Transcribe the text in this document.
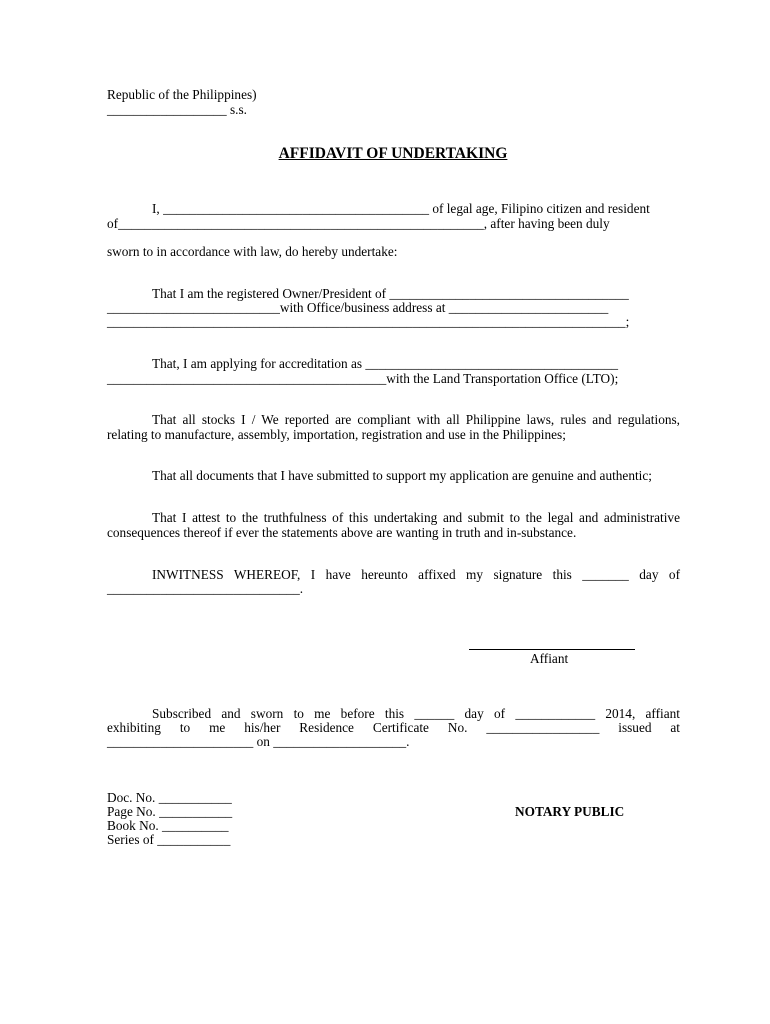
Republic of the Philippines)
__________________ s.s.
AFFIDAVIT OF UNDERTAKING
I, ________________________________________ of legal age, Filipino citizen and resident
of_______________________________________________________, after having been duly
sworn to in accordance with law, do hereby undertake:
That I am the registered Owner/President of ____________________________________
__________________________with Office/business address at ________________________
______________________________________________________________________________;
That, I am applying for accreditation as ______________________________________
__________________________________________with the Land Transportation Office (LTO);

That all stocks I / We reported are compliant with all Philippine laws, rules and regulations, relating to manufacture, assembly, importation, registration and use in the Philippines;

That all documents that I have submitted to support my application are genuine and authentic;

That I attest to the truthfulness of this undertaking and submit to the legal and administrative consequences thereof if ever the statements above are wanting in truth and in-substance.

INWITNESS WHEREOF, I have hereunto affixed my signature this _______ day of
_____________________________.
Affiant
Subscribed and sworn to me before this ______ day of ____________ 2014, affiant
exhibiting to me his/her Residence Certificate No. _________________ issued at
______________________ on ____________________.
Doc. No. ___________
Page No. ___________
Book No. __________
Series of ___________
NOTARY PUBLIC
